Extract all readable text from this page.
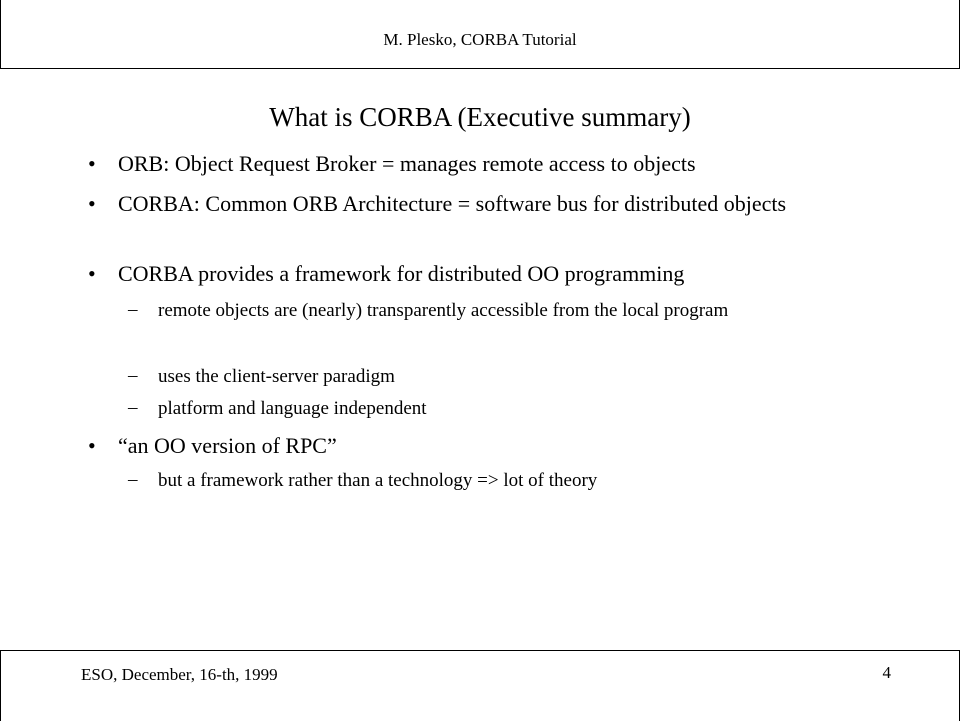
M. Plesko, CORBA Tutorial
What is CORBA (Executive summary)
• ORB: Object Request Broker = manages remote access to objects
• CORBA: Common ORB Architecture = software bus for distributed objects
• CORBA provides a framework for distributed OO programming
– remote objects are (nearly) transparently accessible from the local program
– uses the client-server paradigm
– platform and language independent
• “an OO version of RPC”
– but a framework rather than a technology => lot of theory
ESO, December, 16-th, 1999	4
